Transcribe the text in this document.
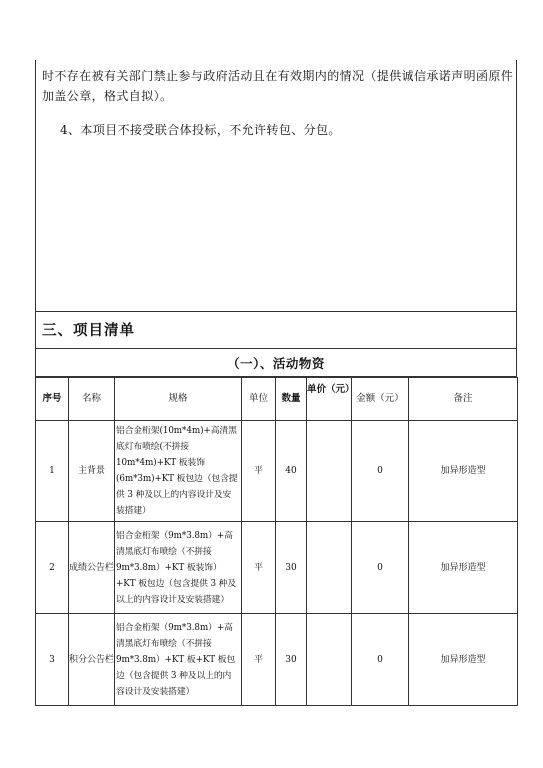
时不存在被有关部门禁止参与政府活动且在有效期内的情况（提供诚信承诺声明函原件加盖公章，格式自拟）。

4、本项目不接受联合体投标，不允许转包、分包。

三、项目清单
（一）、活动物资
序号	名称	规格	单位	数量	单价（元）	金额（元）	备注
1	主背景	铝合金桁架(10m*4m)+高清黑底灯布喷绘(不拼接 10m*4m)+KT 板装饰(6m*3m)+KT 板包边（包含提供 3 种及以上的内容设计及安装搭建）	平	40		0	加异形造型
2	成绩公告栏	铝合金桁架（9m*3.8m）+高清黑底灯布喷绘（不拼接 9m*3.8m）+KT 板装饰）+KT 板包边（包含提供 3 种及以上的内容设计及安装搭建）	平	30		0	加异形造型
3	积分公告栏	铝合金桁架（9m*3.8m）+高清黑底灯布喷绘（不拼接 9m*3.8m）+KT 板+KT 板包边（包含提供 3 种及以上的内容设计及安装搭建）	平	30		0	加异形造型
